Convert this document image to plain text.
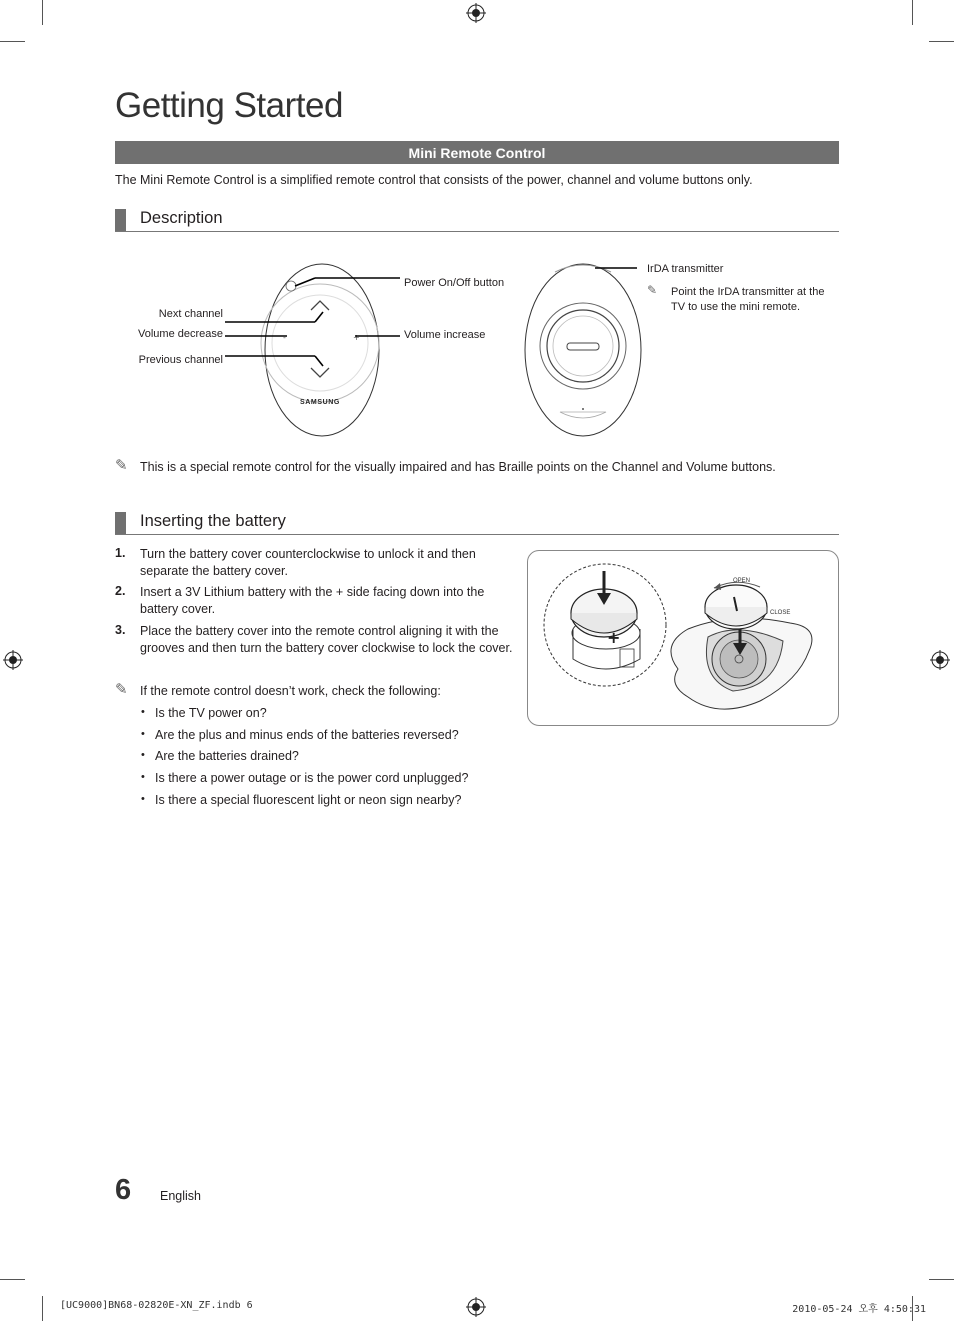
Getting Started
Mini Remote Control
The Mini Remote Control is a simplified remote control that consists of the power, channel and volume buttons only.
Description
-	+
SAMSUNG
Next channel
Volume decrease
Previous channel
Power On/Off button
Volume increase
IrDA transmitter
✎ Point the IrDA transmitter at the TV to use the mini remote.
✎ This is a special remote control for the visually impaired and has Braille points on the Channel and Volume buttons.
Inserting the battery
1. Turn the battery cover counterclockwise to unlock it and then separate the battery cover.
2. Insert a 3V Lithium battery with the + side facing down into the battery cover.
3. Place the battery cover into the remote control aligning it with the grooves and then turn the battery cover clockwise to lock the cover.
✎ If the remote control doesn’t work, check the following:
• Is the TV power on?
• Are the plus and minus ends of the batteries reversed?
• Are the batteries drained?
• Is there a power outage or is the power cord unplugged?
• Is there a special fluorescent light or neon sign nearby?
+
OPEN
CLOSE
6 English
[UC9000]BN68-02820E-XN_ZF.indb 6	2010-05-24 오후 4:50:31
